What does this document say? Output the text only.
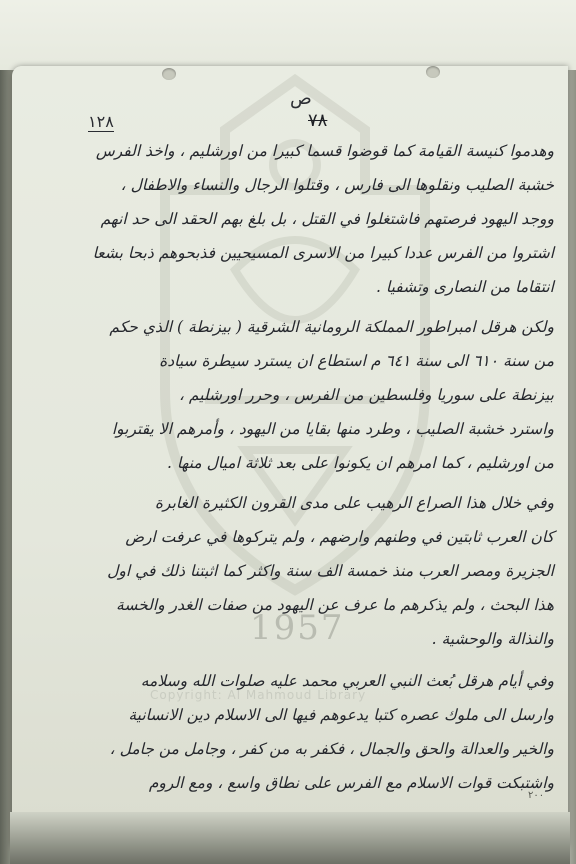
1957
Copyright: Al Mahmoud Library
ص
٧٨
١٢٨
وهدموا كنيسة القيامة كما قوضوا قسما كبيرا من اورشليم ، واخذ الفرس
خشبة الصليب ونقلوها الى فارس ، وقتلوا الرجال والنساء والاطفال ،
ووجد اليهود فرصتهم فاشتغلوا في القتل ، بل بلغ بهم الحقد الى حد انهم
اشتروا من الفرس عددا كبيرا من الاسرى المسيحيين فذبحوهم ذبحا بشعا
انتقاما من النصارى وتشفيا .
ولكن هرقل امبراطور المملكة الرومانية الشرقية ( بيزنطة ) الذي حكم
من سنة ٦١٠ الى سنة ٦٤١ م استطاع ان يسترد سيطرة سيادة
بيزنطة على سوريا وفلسطين من الفرس ، وحرر اورشليم ،
واسترد خشبة الصليب ، وطرد منها بقايا من اليهود ، وأمرهم الا يقتربوا
من اورشليم ، كما امرهم ان يكونوا على بعد ثلاثة اميال منها .
وفي خلال هذا الصراع الرهيب على مدى القرون الكثيرة الغابرة
كان العرب ثابتين في وطنهم وارضهم ، ولم يتركوها في عرفت ارض
الجزيرة ومصر العرب منذ خمسة الف سنة واكثر كما اثبتنا ذلك في اول
هذا البحث ، ولم يذكرهم ما عرف عن اليهود من صفات الغدر والخسة
والنذالة والوحشية .
وفي أيام هرقل بُعث النبي العربي محمد عليه صلوات الله وسلامه
وارسل الى ملوك عصره كتبا يدعوهم فيها الى الاسلام دين الانسانية
والخير والعدالة والحق والجمال ، فكفر به من كفر ، وجامل من جامل ،
واشتبكت قوات الاسلام مع الفرس على نطاق واسع ، ومع الروم
٢٠٠
